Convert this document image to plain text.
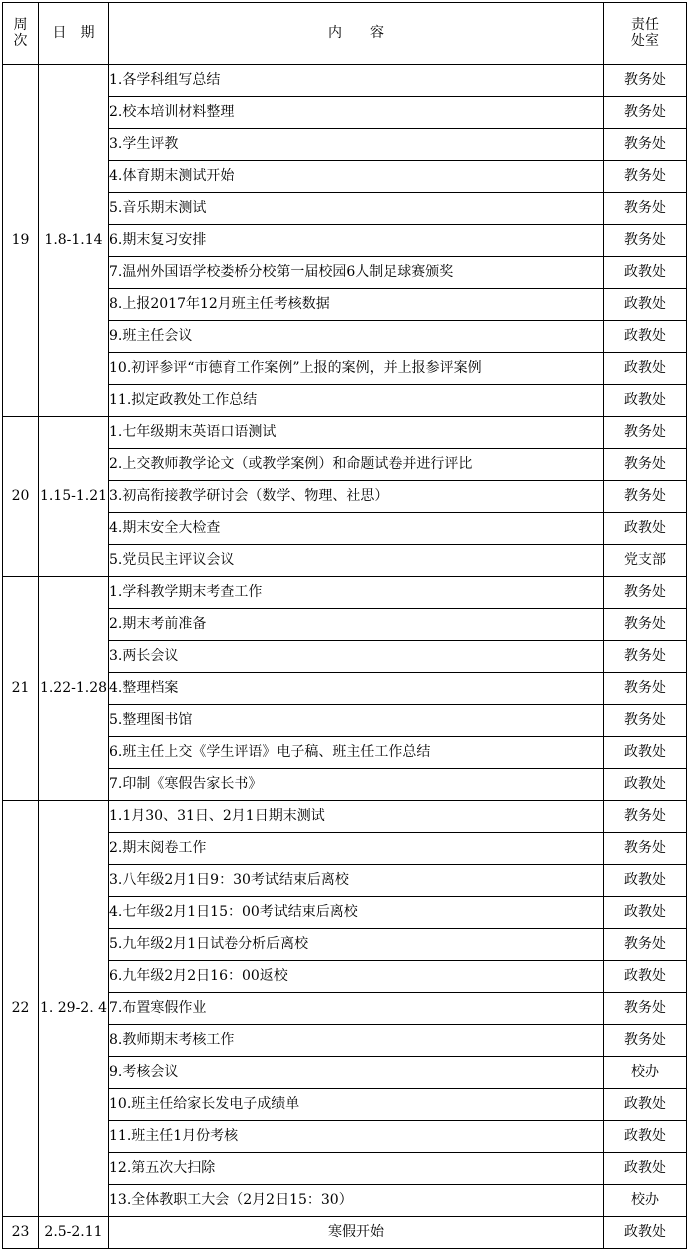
周
次	日　期	内　　容	责任
处室
19	1.8-1.14	1.各学科组写总结	教务处
		2.校本培训材料整理	教务处
		3.学生评教	教务处
		4.体育期末测试开始	教务处
		5.音乐期末测试	教务处
		6.期末复习安排	教务处
		7.温州外国语学校娄桥分校第一届校园6人制足球赛颁奖	政教处
		8.上报2017年12月班主任考核数据	政教处
		9.班主任会议	政教处
		10.初评参评“市德育工作案例”上报的案例，并上报参评案例	政教处
		11.拟定政教处工作总结	政教处
20	1.15-1.21	1.七年级期末英语口语测试	教务处
		2.上交教师教学论文（或教学案例）和命题试卷并进行评比	教务处
		3.初高衔接教学研讨会（数学、物理、社思）	教务处
		4.期末安全大检查	政教处
		5.党员民主评议会议	党支部
21	1.22-1.28	1.学科教学期末考查工作	教务处
		2.期末考前准备	教务处
		3.两长会议	教务处
		4.整理档案	教务处
		5.整理图书馆	教务处
		6.班主任上交《学生评语》电子稿、班主任工作总结	政教处
		7.印制《寒假告家长书》	政教处
22	1. 29-2. 4	1.1月30、31日、2月1日期末测试	教务处
		2.期末阅卷工作	教务处
		3.八年级2月1日9：30考试结束后离校	政教处
		4.七年级2月1日15：00考试结束后离校	政教处
		5.九年级2月1日试卷分析后离校	教务处
		6.九年级2月2日16：00返校	政教处
		7.布置寒假作业	教务处
		8.教师期末考核工作	教务处
		9.考核会议	校办
		10.班主任给家长发电子成绩单	政教处
		11.班主任1月份考核	政教处
		12.第五次大扫除	政教处
		13.全体教职工大会（2月2日15：30）	校办
23	2.5-2.11	寒假开始	政教处
